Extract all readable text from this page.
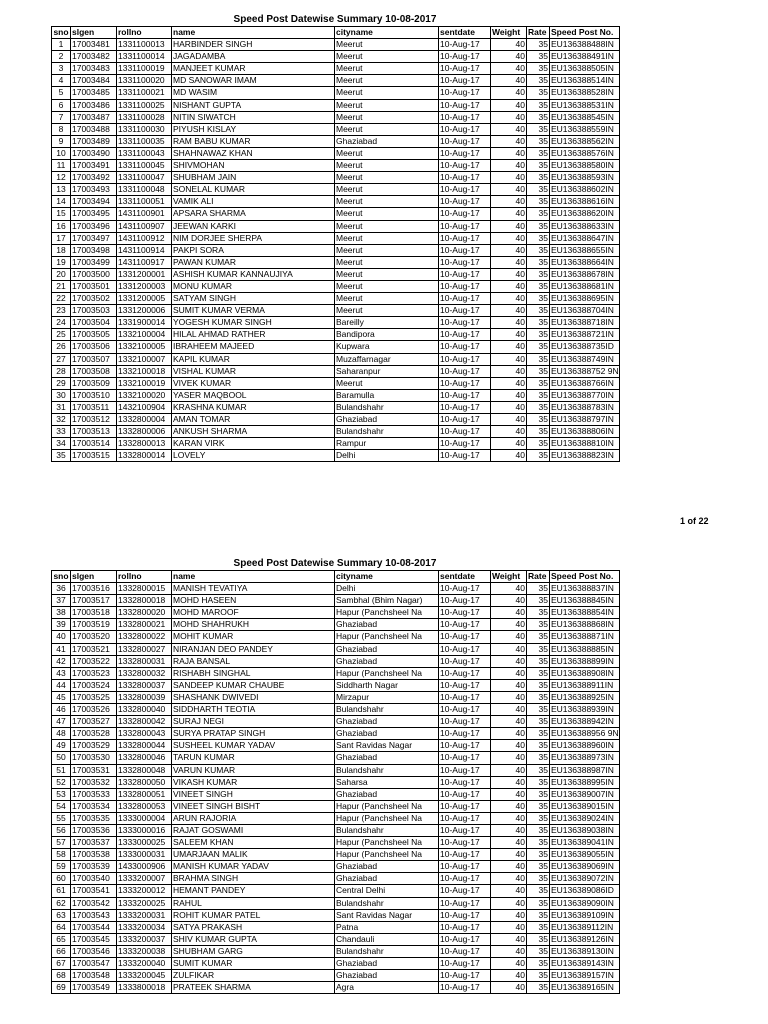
Speed Post Datewise Summary 10-08-2017
sno	slgen	rollno	name	cityname	sentdate	Weight	Rate	Speed Post No.
1	17003481	1331100013	HARBINDER SINGH	Meerut	10-Aug-17	40	35	EU136388488IN
2	17003482	1331100014	JAGADAMBA	Meerut	10-Aug-17	40	35	EU136388491IN
3	17003483	1331100019	MANJEET KUMAR	Meerut	10-Aug-17	40	35	EU136388505IN
4	17003484	1331100020	MD SANOWAR IMAM	Meerut	10-Aug-17	40	35	EU136388514IN
5	17003485	1331100021	MD WASIM	Meerut	10-Aug-17	40	35	EU136388528IN
6	17003486	1331100025	NISHANT GUPTA	Meerut	10-Aug-17	40	35	EU136388531IN
7	17003487	1331100028	NITIN SIWATCH	Meerut	10-Aug-17	40	35	EU136388545IN
8	17003488	1331100030	PIYUSH KISLAY	Meerut	10-Aug-17	40	35	EU136388559IN
9	17003489	1331100035	RAM BABU KUMAR	Ghaziabad	10-Aug-17	40	35	EU136388562IN
10	17003490	1331100043	SHAHNAWAZ KHAN	Meerut	10-Aug-17	40	35	EU136388576IN
11	17003491	1331100045	SHIVMOHAN	Meerut	10-Aug-17	40	35	EU136388580IN
12	17003492	1331100047	SHUBHAM JAIN	Meerut	10-Aug-17	40	35	EU136388593IN
13	17003493	1331100048	SONELAL KUMAR	Meerut	10-Aug-17	40	35	EU136388602IN
14	17003494	1331100051	VAMIK ALI	Meerut	10-Aug-17	40	35	EU136388616IN
15	17003495	1431100901	APSARA SHARMA	Meerut	10-Aug-17	40	35	EU136388620IN
16	17003496	1431100907	JEEWAN KARKI	Meerut	10-Aug-17	40	35	EU136388633IN
17	17003497	1431100912	NIM DORJEE SHERPA	Meerut	10-Aug-17	40	35	EU136388647IN
18	17003498	1431100914	PAKPI SORA	Meerut	10-Aug-17	40	35	EU136388655IN
19	17003499	1431100917	PAWAN KUMAR	Meerut	10-Aug-17	40	35	EU136388664IN
20	17003500	1331200001	ASHISH KUMAR KANNAUJIYA	Meerut	10-Aug-17	40	35	EU136388678IN
21	17003501	1331200003	MONU KUMAR	Meerut	10-Aug-17	40	35	EU136388681IN
22	17003502	1331200005	SATYAM SINGH	Meerut	10-Aug-17	40	35	EU136388695IN
23	17003503	1331200006	SUMIT KUMAR VERMA	Meerut	10-Aug-17	40	35	EU136388704IN
24	17003504	1331900014	YOGESH KUMAR SINGH	Bareilly	10-Aug-17	40	35	EU136388718IN
25	17003505	1332100004	HILAL AHMAD RATHER	Bandipora	10-Aug-17	40	35	EU136388721IN
26	17003506	1332100005	IBRAHEEM MAJEED	Kupwara	10-Aug-17	40	35	EU136388735ID
27	17003507	1332100007	KAPIL KUMAR	Muzaffarnagar	10-Aug-17	40	35	EU136388749IN
28	17003508	1332100018	VISHAL KUMAR	Saharanpur	10-Aug-17	40	35	EU136388752 9N
29	17003509	1332100019	VIVEK KUMAR	Meerut	10-Aug-17	40	35	EU136388766IN
30	17003510	1332100020	YASER MAQBOOL	Baramulla	10-Aug-17	40	35	EU136388770IN
31	17003511	1432100904	KRASHNA KUMAR	Bulandshahr	10-Aug-17	40	35	EU136388783IN
32	17003512	1332800004	AMAN TOMAR	Ghaziabad	10-Aug-17	40	35	EU136388797IN
33	17003513	1332800006	ANKUSH SHARMA	Bulandshahr	10-Aug-17	40	35	EU136388806IN
34	17003514	1332800013	KARAN VIRK	Rampur	10-Aug-17	40	35	EU136388810IN
35	17003515	1332800014	LOVELY	Delhi	10-Aug-17	40	35	EU136388823IN
1 of 22
Speed Post Datewise Summary 10-08-2017
sno	slgen	rollno	name	cityname	sentdate	Weight	Rate	Speed Post No.
36	17003516	1332800015	MANISH TEVATIYA	Delhi	10-Aug-17	40	35	EU136388837IN
37	17003517	1332800018	MOHD HASEEN	Sambhal (Bhim Nagar)	10-Aug-17	40	35	EU136388845IN
38	17003518	1332800020	MOHD MAROOF	Hapur (Panchsheel Na	10-Aug-17	40	35	EU136388854IN
39	17003519	1332800021	MOHD SHAHRUKH	Ghaziabad	10-Aug-17	40	35	EU136388868IN
40	17003520	1332800022	MOHIT KUMAR	Hapur (Panchsheel Na	10-Aug-17	40	35	EU136388871IN
41	17003521	1332800027	NIRANJAN DEO PANDEY	Ghaziabad	10-Aug-17	40	35	EU136388885IN
42	17003522	1332800031	RAJA BANSAL	Ghaziabad	10-Aug-17	40	35	EU136388899IN
43	17003523	1332800032	RISHABH SINGHAL	Hapur (Panchsheel Na	10-Aug-17	40	35	EU136388908IN
44	17003524	1332800037	SANDEEP KUMAR CHAUBE	Siddharth Nagar	10-Aug-17	40	35	EU136388911IN
45	17003525	1332800039	SHASHANK DWIVEDI	Mirzapur	10-Aug-17	40	35	EU136388925IN
46	17003526	1332800040	SIDDHARTH TEOTIA	Bulandshahr	10-Aug-17	40	35	EU136388939IN
47	17003527	1332800042	SURAJ NEGI	Ghaziabad	10-Aug-17	40	35	EU136388942IN
48	17003528	1332800043	SURYA PRATAP SINGH	Ghaziabad	10-Aug-17	40	35	EU136388956 9N
49	17003529	1332800044	SUSHEEL KUMAR YADAV	Sant Ravidas Nagar	10-Aug-17	40	35	EU136388960IN
50	17003530	1332800046	TARUN KUMAR	Ghaziabad	10-Aug-17	40	35	EU136388973IN
51	17003531	1332800048	VARUN KUMAR	Bulandshahr	10-Aug-17	40	35	EU136388987IN
52	17003532	1332800050	VIKASH KUMAR	Saharsa	10-Aug-17	40	35	EU136388995IN
53	17003533	1332800051	VINEET SINGH	Ghaziabad	10-Aug-17	40	35	EU136389007IN
54	17003534	1332800053	VINEET SINGH BISHT	Hapur (Panchsheel Na	10-Aug-17	40	35	EU136389015IN
55	17003535	1333000004	ARUN RAJORIA	Hapur (Panchsheel Na	10-Aug-17	40	35	EU136389024IN
56	17003536	1333000016	RAJAT GOSWAMI	Bulandshahr	10-Aug-17	40	35	EU136389038IN
57	17003537	1333000025	SALEEM KHAN	Hapur (Panchsheel Na	10-Aug-17	40	35	EU136389041IN
58	17003538	1333000031	UMARJAAN MALIK	Hapur (Panchsheel Na	10-Aug-17	40	35	EU136389055IN
59	17003539	1433000906	MANISH KUMAR YADAV	Ghaziabad	10-Aug-17	40	35	EU136389069IN
60	17003540	1333200007	BRAHMA SINGH	Ghaziabad	10-Aug-17	40	35	EU136389072IN
61	17003541	1333200012	HEMANT PANDEY	Central Delhi	10-Aug-17	40	35	EU136389086ID
62	17003542	1333200025	RAHUL	Bulandshahr	10-Aug-17	40	35	EU136389090IN
63	17003543	1333200031	ROHIT KUMAR PATEL	Sant Ravidas Nagar	10-Aug-17	40	35	EU136389109IN
64	17003544	1333200034	SATYA PRAKASH	Patna	10-Aug-17	40	35	EU136389112IN
65	17003545	1333200037	SHIV KUMAR GUPTA	Chandauli	10-Aug-17	40	35	EU136389126IN
66	17003546	1333200038	SHUBHAM GARG	Bulandshahr	10-Aug-17	40	35	EU136389130IN
67	17003547	1333200040	SUMIT KUMAR	Ghaziabad	10-Aug-17	40	35	EU136389143IN
68	17003548	1333200045	ZULFIKAR	Ghaziabad	10-Aug-17	40	35	EU136389157IN
69	17003549	1333800018	PRATEEK SHARMA	Agra	10-Aug-17	40	35	EU136389165IN
